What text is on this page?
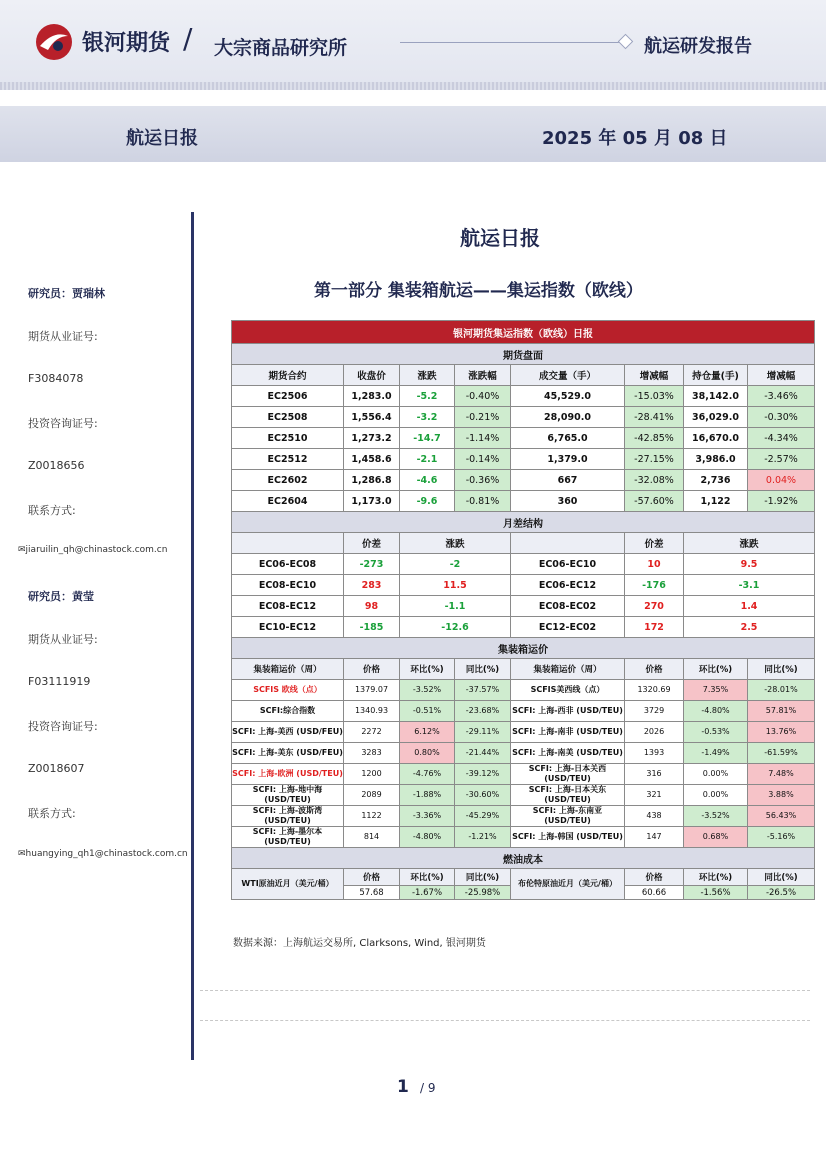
银河期货 / 大宗商品研究所	航运研发报告
航运日报	2025 年 05 月 08 日
研究员：贾瑞林
期货从业证号:
F3084078
投资咨询证号:
Z0018656
联系方式:
✉jiaruilin_qh@chinastock.com.cn
研究员：黄莹
期货从业证号:
F03111919
投资咨询证号:
Z0018607
联系方式:
✉huangying_qh1@chinastock.com.cn
航运日报
第一部分 集装箱航运——集运指数（欧线）
银河期货集运指数（欧线）日报							
期货盘面							
期货合约	收盘价	涨跌	涨跌幅	成交量（手）	增减幅	持仓量(手)	增减幅
EC2506	1,283.0	-5.2	-0.40%	45,529.0	-15.03%	38,142.0	-3.46%
EC2508	1,556.4	-3.2	-0.21%	28,090.0	-28.41%	36,029.0	-0.30%
EC2510	1,273.2	-14.7	-1.14%	6,765.0	-42.85%	16,670.0	-4.34%
EC2512	1,458.6	-2.1	-0.14%	1,379.0	-27.15%	3,986.0	-2.57%
EC2602	1,286.8	-4.6	-0.36%	667	-32.08%	2,736	0.04%
EC2604	1,173.0	-9.6	-0.81%	360	-57.60%	1,122	-1.92%
月差结构							
	价差	涨跌			价差	涨跌	
EC06-EC08	-273	-2		EC06-EC10	10	9.5	
EC08-EC10	283	11.5		EC06-EC12	-176	-3.1	
EC08-EC12	98	-1.1		EC08-EC02	270	1.4	
EC10-EC12	-185	-12.6		EC12-EC02	172	2.5	
集装箱运价							
集装箱运价（周）	价格	环比(%)	同比(%)	集装箱运价（周）	价格	环比(%)	同比(%)
SCFIS 欧线（点）	1379.07	-3.52%	-37.57%	SCFIS美西线（点）	1320.69	7.35%	-28.01%
SCFI:综合指数	1340.93	-0.51%	-23.68%	SCFI: 上海-西非 (USD/TEU)	3729	-4.80%	57.81%
SCFI: 上海-美西 (USD/FEU)	2272	6.12%	-29.11%	SCFI: 上海-南非 (USD/TEU)	2026	-0.53%	13.76%
SCFI: 上海-美东 (USD/FEU)	3283	0.80%	-21.44%	SCFI: 上海-南美 (USD/TEU)	1393	-1.49%	-61.59%
SCFI: 上海-欧洲 (USD/TEU)	1200	-4.76%	-39.12%	SCFI: 上海-日本关西 (USD/TEU)	316	0.00%	7.48%
SCFI: 上海-地中海 (USD/TEU)	2089	-1.88%	-30.60%	SCFI: 上海-日本关东 (USD/TEU)	321	0.00%	3.88%
SCFI: 上海-波斯湾 (USD/TEU)	1122	-3.36%	-45.29%	SCFI: 上海-东南亚 (USD/TEU)	438	-3.52%	56.43%
SCFI: 上海-墨尔本 (USD/TEU)	814	-4.80%	-1.21%	SCFI: 上海-韩国 (USD/TEU)	147	0.68%	-5.16%
燃油成本							
WTI原油近月（美元/桶）	价格	环比(%)	同比(%)	布伦特原油近月（美元/桶）	价格	环比(%)	同比(%)
	57.68	-1.67%	-25.98%		60.66	-1.56%	-26.5%
数据来源：上海航运交易所, Clarksons, Wind, 银河期货
1 / 9
